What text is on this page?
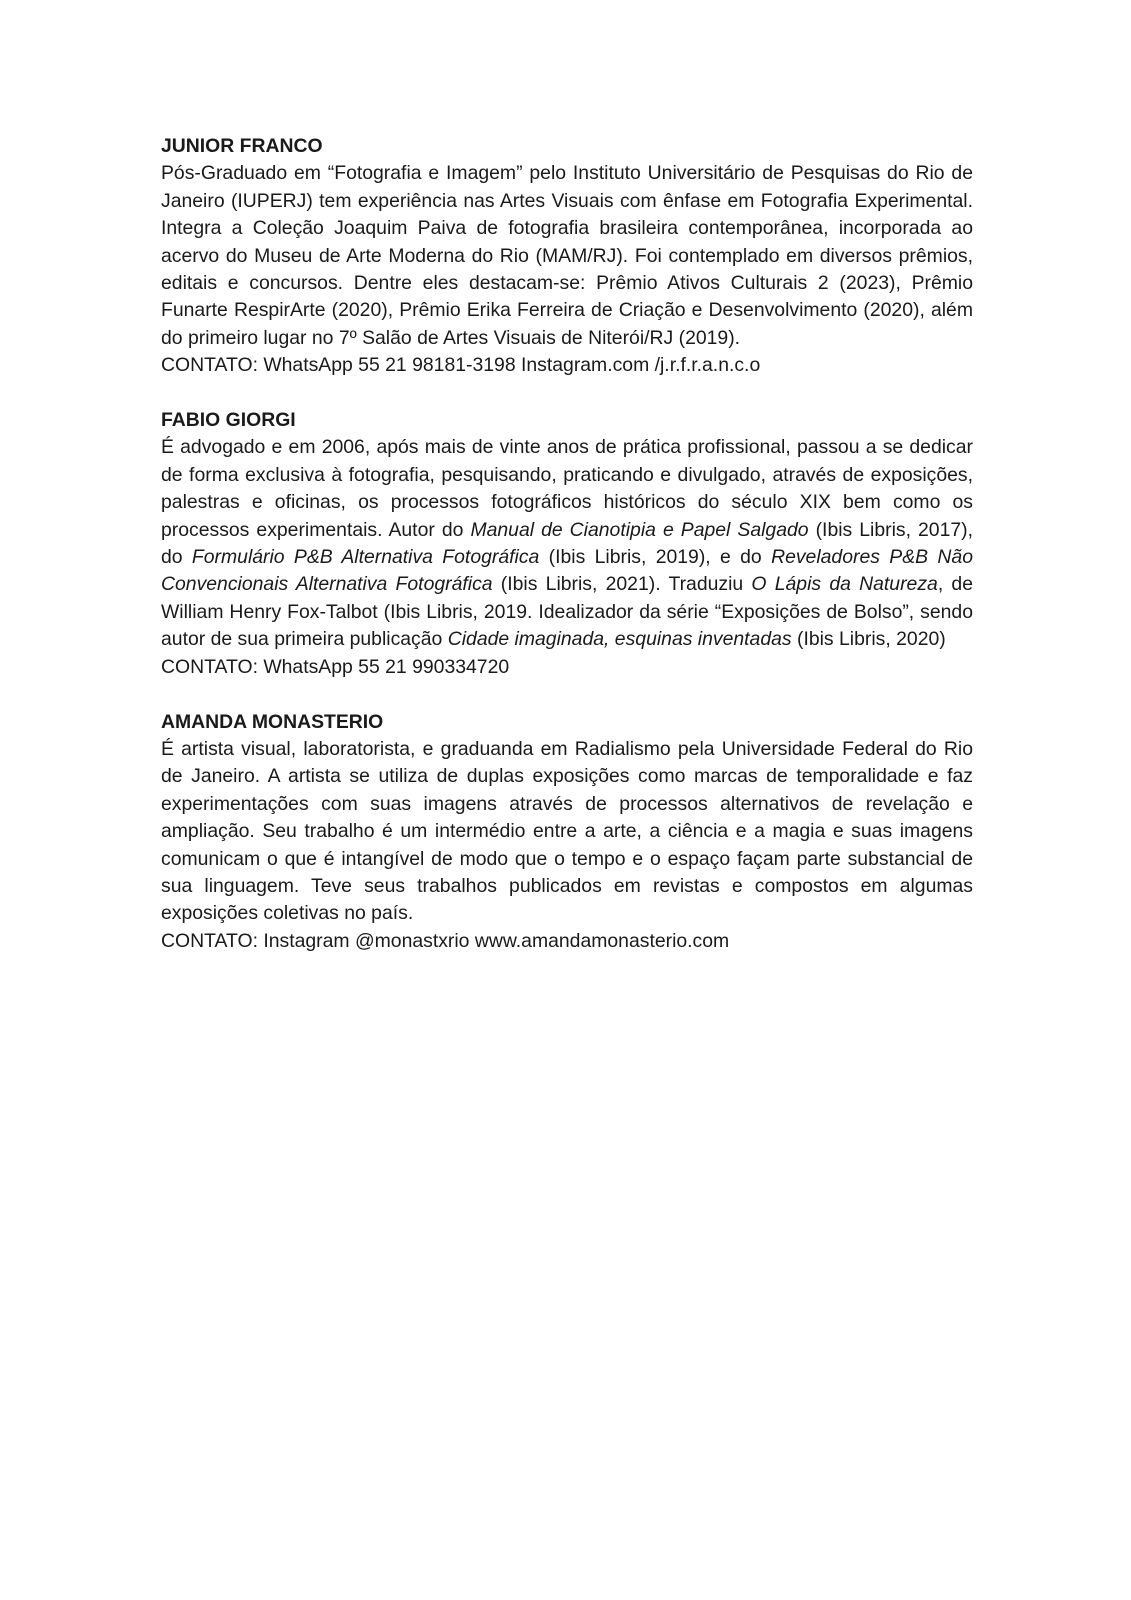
JUNIOR FRANCO

Pós-Graduado em “Fotografia e Imagem” pelo Instituto Universitário de Pesquisas do Rio de Janeiro (IUPERJ) tem experiência nas Artes Visuais com ênfase em Fotografia Experimental. Integra a Coleção Joaquim Paiva de fotografia brasileira contemporânea, incorporada ao acervo do Museu de Arte Moderna do Rio (MAM/RJ). Foi contemplado em diversos prêmios, editais e concursos. Dentre eles destacam-se: Prêmio Ativos Culturais 2 (2023), Prêmio Funarte RespirArte (2020), Prêmio Erika Ferreira de Criação e Desenvolvimento (2020), além do primeiro lugar no 7º Salão de Artes Visuais de Niterói/RJ (2019).

CONTATO: WhatsApp 55 21 98181-3198 Instagram.com /j.r.f.r.a.n.c.o

FABIO GIORGI

É advogado e em 2006, após mais de vinte anos de prática profissional, passou a se dedicar de forma exclusiva à fotografia, pesquisando, praticando e divulgado, através de exposições, palestras e oficinas, os processos fotográficos históricos do século XIX bem como os processos experimentais. Autor do Manual de Cianotipia e Papel Salgado (Ibis Libris, 2017), do Formulário P&B Alternativa Fotográfica (Ibis Libris, 2019), e do Reveladores P&B Não Convencionais Alternativa Fotográfica (Ibis Libris, 2021). Traduziu O Lápis da Natureza, de William Henry Fox-Talbot (Ibis Libris, 2019. Idealizador da série “Exposições de Bolso”, sendo autor de sua primeira publicação Cidade imaginada, esquinas inventadas (Ibis Libris, 2020)

CONTATO: WhatsApp 55 21 990334720

AMANDA MONASTERIO

É artista visual, laboratorista, e graduanda em Radialismo pela Universidade Federal do Rio de Janeiro. A artista se utiliza de duplas exposições como marcas de temporalidade e faz experimentações com suas imagens através de processos alternativos de revelação e ampliação. Seu trabalho é um intermédio entre a arte, a ciência e a magia e suas imagens comunicam o que é intangível de modo que o tempo e o espaço façam parte substancial de sua linguagem. Teve seus trabalhos publicados em revistas e compostos em algumas exposições coletivas no país.

CONTATO: Instagram @monastxrio www.amandamonasterio.com
